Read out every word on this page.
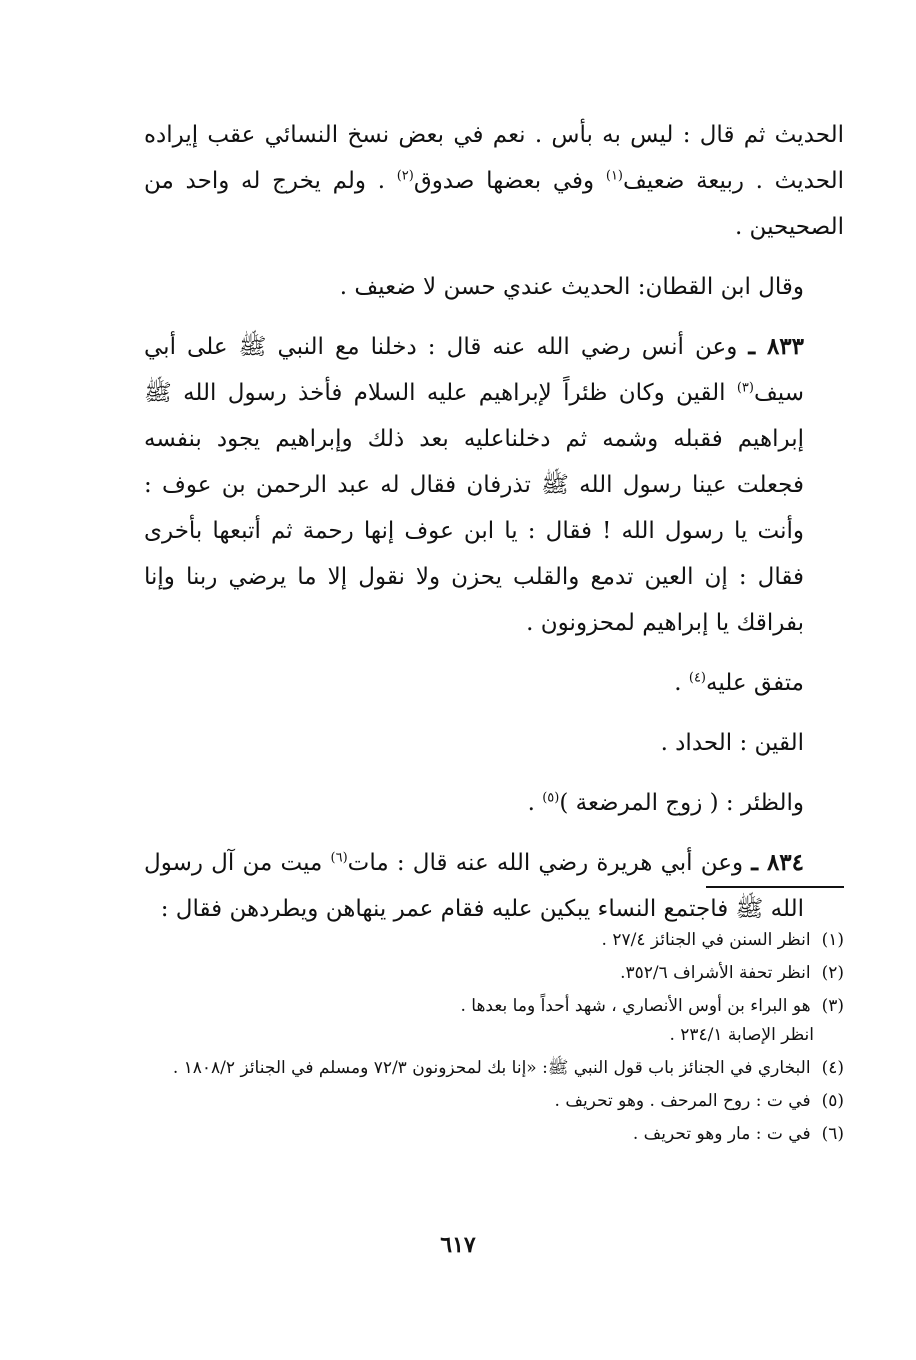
الحديث ثم قال : ليس به بأس . نعم في بعض نسخ النسائي عقب إيراده الحديث . ربيعة ضعيف$^{(١)}$ وفي بعضها صدوق$^{(٢)}$ . ولم يخرج له واحد من الصحيحين .

وقال ابن القطان: الحديث عندي حسن لا ضعيف .

٨٣٣ ـ وعن أنس رضي الله عنه قال : دخلنا مع النبي ﷺ على أبي سيف$^{(٣)}$ القين وكان ظئراً لإبراهيم عليه السلام فأخذ رسول الله ﷺ إبراهيم فقبله وشمه ثم دخلناعليه بعد ذلك وإبراهيم يجود بنفسه فجعلت عينا رسول الله ﷺ تذرفان فقال له عبد الرحمن بن عوف : وأنت يا رسول الله ! فقال : يا ابن عوف إنها رحمة ثم أتبعها بأخرى فقال : إن العين تدمع والقلب يحزن ولا نقول إلا ما يرضي ربنا وإنا بفراقك يا إبراهيم لمحزونون .

متفق عليه$^{(٤)}$ .

القين : الحداد .

والظئر : ( زوج المرضعة )$^{(٥)}$ .

٨٣٤ ـ وعن أبي هريرة رضي الله عنه قال : مات$^{(٦)}$ ميت من آل رسول الله ﷺ فاجتمع النساء يبكين عليه فقام عمر ينهاهن ويطردهن فقال :

(١) انظر السنن في الجنائز ٢٧/٤ .
(٢) انظر تحفة الأشراف ٣٥٢/٦.
(٣) هو البراء بن أوس الأنصاري ، شهد أحداً وما بعدها .
انظر الإصابة ٢٣٤/١ .
(٤) البخاري في الجنائز باب قول النبي ﷺ: «إنا بك لمحزونون ٧٢/٣ ومسلم في الجنائز ١٨٠٨/٢ .
(٥) في ت : روح المرحف . وهو تحريف .
(٦) في ت : مار وهو تحريف .
٦١٧
